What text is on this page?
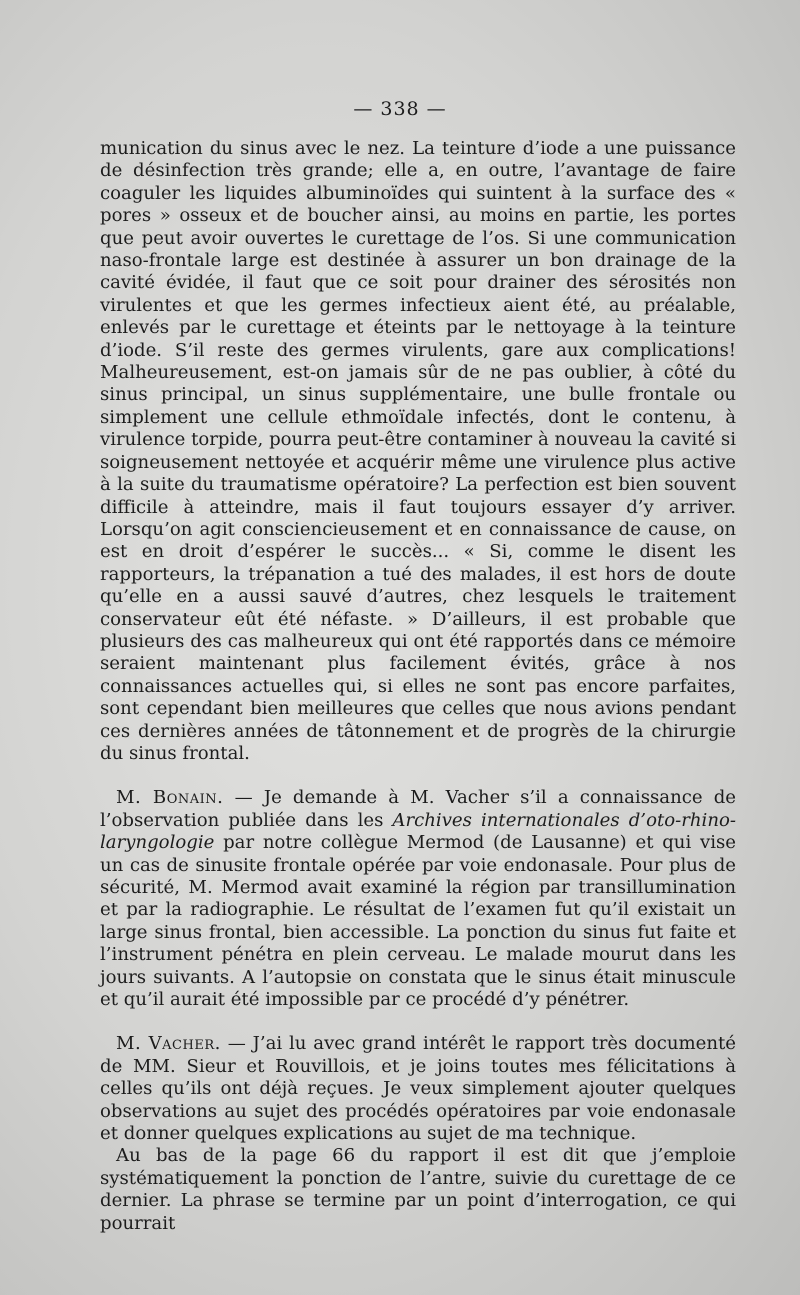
— 338 —

munication du sinus avec le nez. La teinture d’iode a une puissance de désinfection très grande; elle a, en outre, l’avantage de faire coaguler les liquides albuminoïdes qui suintent à la surface des « pores » osseux et de boucher ainsi, au moins en partie, les portes que peut avoir ouvertes le curettage de l’os. Si une communication naso-frontale large est destinée à assurer un bon drainage de la cavité évidée, il faut que ce soit pour drainer des sérosités non virulentes et que les germes infectieux aient été, au préalable, enlevés par le curettage et éteints par le nettoyage à la teinture d’iode. S’il reste des germes virulents, gare aux complications! Malheureusement, est-on jamais sûr de ne pas oublier, à côté du sinus principal, un sinus supplémentaire, une bulle frontale ou simplement une cellule ethmoïdale infectés, dont le contenu, à virulence torpide, pourra peut-être contaminer à nouveau la cavité si soigneusement nettoyée et acquérir même une virulence plus active à la suite du traumatisme opératoire? La perfection est bien souvent difficile à atteindre, mais il faut toujours essayer d’y arriver. Lorsqu’on agit consciencieusement et en connaissance de cause, on est en droit d’espérer le succès... « Si, comme le disent les rapporteurs, la trépanation a tué des malades, il est hors de doute qu’elle en a aussi sauvé d’autres, chez lesquels le traitement conservateur eût été néfaste. » D’ailleurs, il est probable que plusieurs des cas malheureux qui ont été rapportés dans ce mémoire seraient maintenant plus facilement évités, grâce à nos connaissances actuelles qui, si elles ne sont pas encore parfaites, sont cependant bien meilleures que celles que nous avions pendant ces dernières années de tâtonnement et de progrès de la chirurgie du sinus frontal.

M. Bonain. — Je demande à M. Vacher s’il a connaissance de l’observation publiée dans les Archives internationales d’oto-rhino-laryngologie par notre collègue Mermod (de Lausanne) et qui vise un cas de sinusite frontale opérée par voie endonasale. Pour plus de sécurité, M. Mermod avait examiné la région par transillumination et par la radiographie. Le résultat de l’examen fut qu’il existait un large sinus frontal, bien accessible. La ponction du sinus fut faite et l’instrument pénétra en plein cerveau. Le malade mourut dans les jours suivants. A l’autopsie on constata que le sinus était minuscule et qu’il aurait été impossible par ce procédé d’y pénétrer.

M. Vacher. — J’ai lu avec grand intérêt le rapport très documenté de MM. Sieur et Rouvillois, et je joins toutes mes félicitations à celles qu’ils ont déjà reçues. Je veux simplement ajouter quelques observations au sujet des procédés opératoires par voie endonasale et donner quelques explications au sujet de ma technique.

Au bas de la page 66 du rapport il est dit que j’emploie systématiquement la ponction de l’antre, suivie du curettage de ce dernier. La phrase se termine par un point d’interrogation, ce qui pourrait
